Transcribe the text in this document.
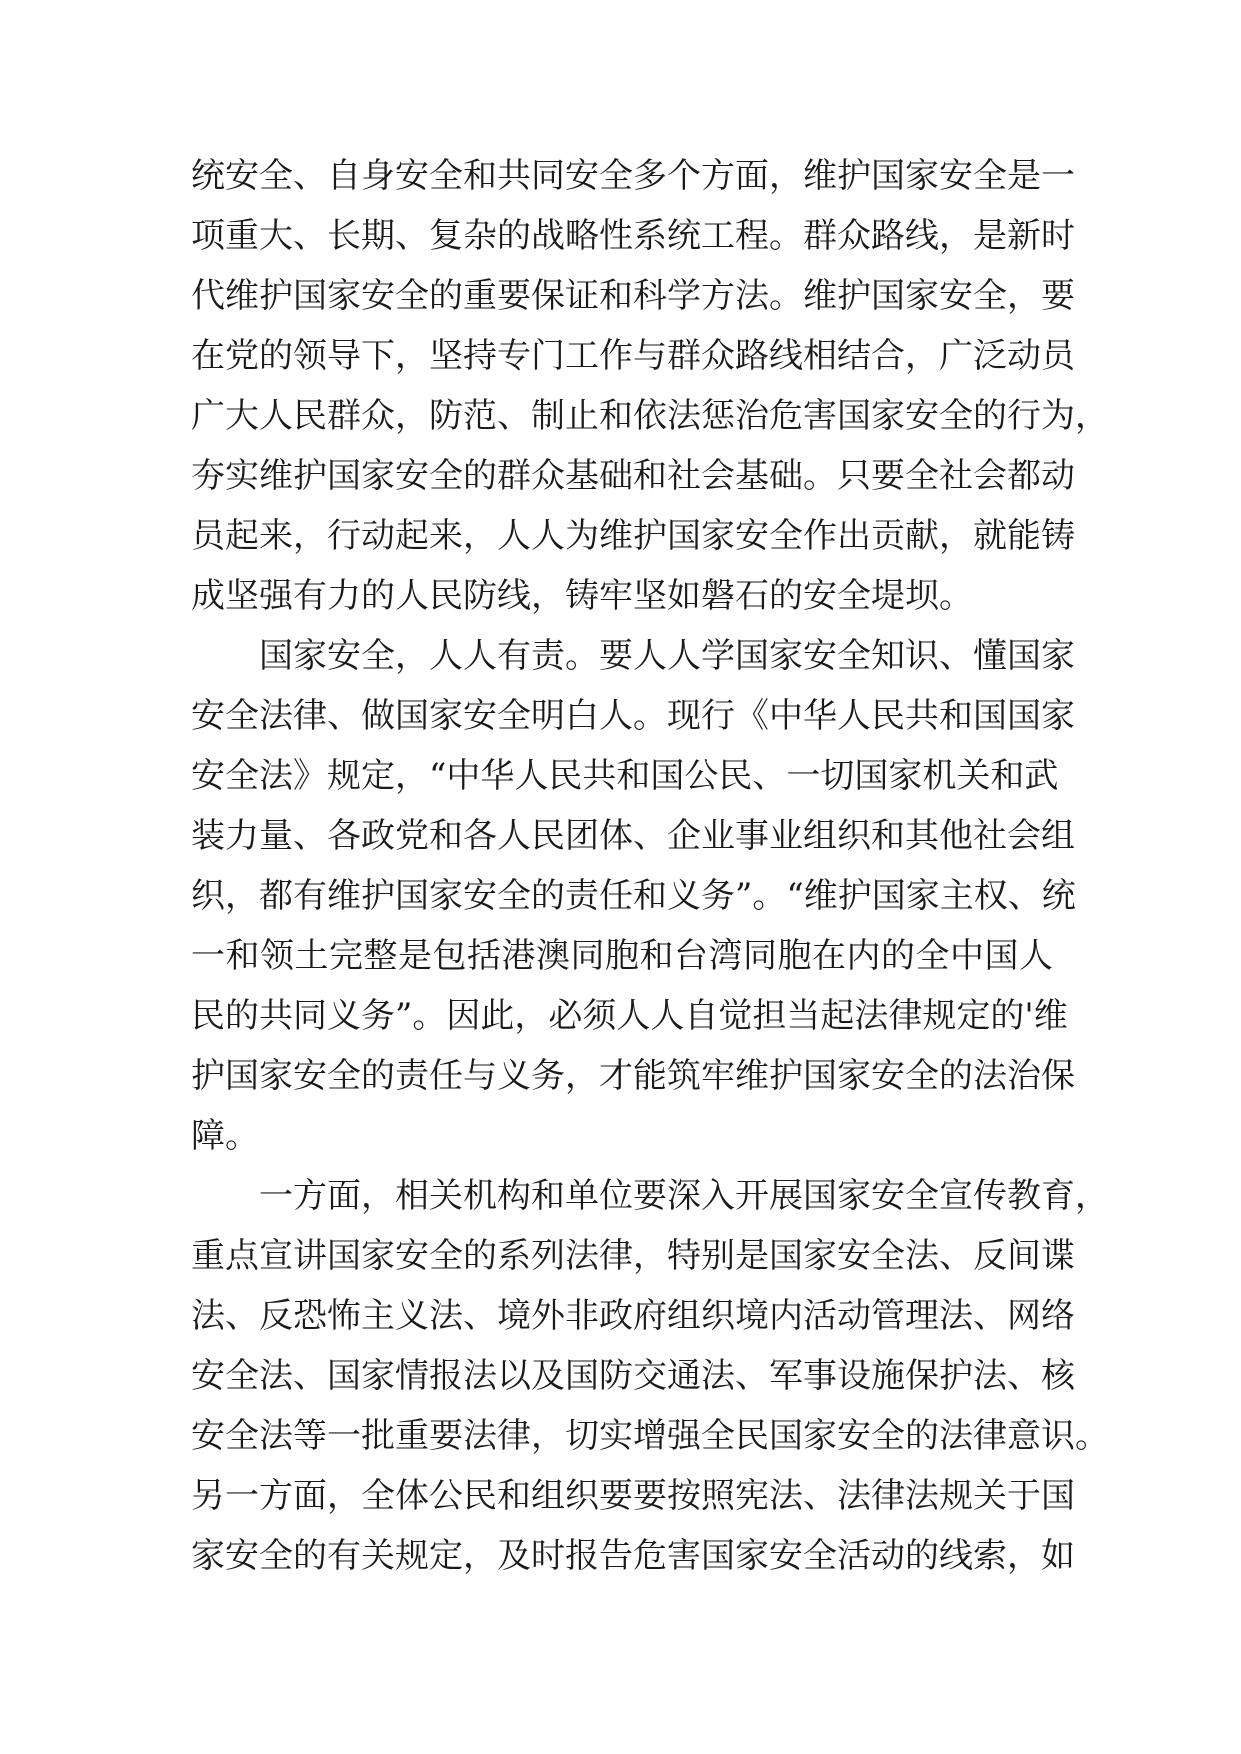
统安全、自身安全和共同安全多个方面，维护国家安全是一
项重大、长期、复杂的战略性系统工程。群众路线，是新时
代维护国家安全的重要保证和科学方法。维护国家安全，要
在党的领导下，坚持专门工作与群众路线相结合，广泛动员
广大人民群众，防范、制止和依法惩治危害国家安全的行为，
夯实维护国家安全的群众基础和社会基础。只要全社会都动
员起来，行动起来，人人为维护国家安全作出贡献，就能铸
成坚强有力的人民防线，铸牢坚如磐石的安全堤坝。
国家安全，人人有责。要人人学国家安全知识、懂国家
安全法律、做国家安全明白人。现行《中华人民共和国国家
安全法》规定，“中华人民共和国公民、一切国家机关和武
装力量、各政党和各人民团体、企业事业组织和其他社会组
织，都有维护国家安全的责任和义务”。“维护国家主权、统
一和领土完整是包括港澳同胞和台湾同胞在内的全中国人
民的共同义务”。因此，必须人人自觉担当起法律规定的'维
护国家安全的责任与义务，才能筑牢维护国家安全的法治保
障。
一方面，相关机构和单位要深入开展国家安全宣传教育，
重点宣讲国家安全的系列法律，特别是国家安全法、反间谍
法、反恐怖主义法、境外非政府组织境内活动管理法、网络
安全法、国家情报法以及国防交通法、军事设施保护法、核
安全法等一批重要法律，切实增强全民国家安全的法律意识。
另一方面，全体公民和组织要要按照宪法、法律法规关于国
家安全的有关规定，及时报告危害国家安全活动的线索，如
